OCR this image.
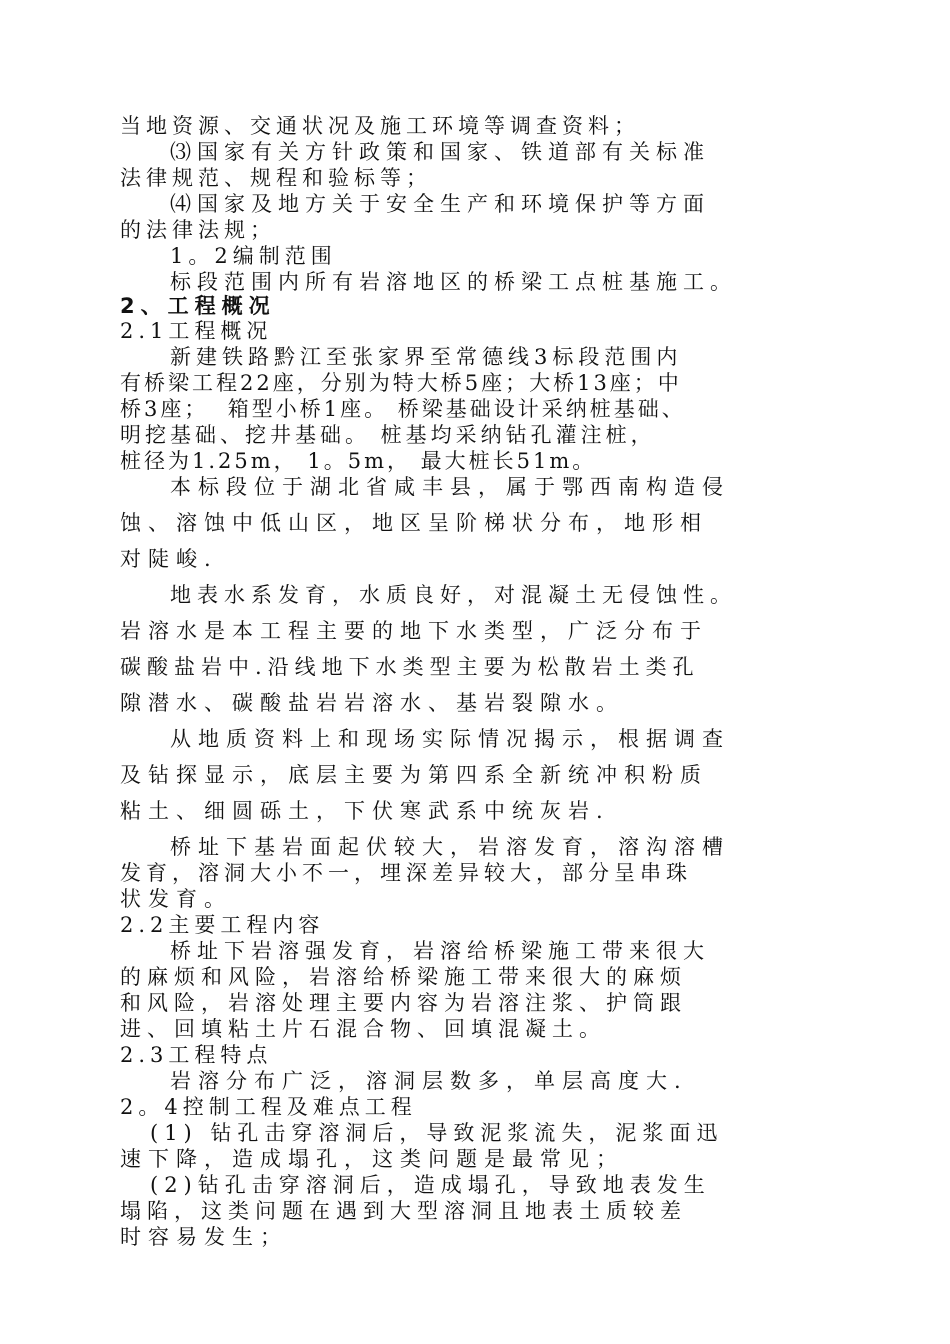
当地资源、交通状况及施工环境等调查资料；

⑶国家有关方针政策和国家、铁道部有关标准

法律规范、规程和验标等；

⑷国家及地方关于安全生产和环境保护等方面

的法律法规；

1。2编制范围

标段范围内所有岩溶地区的桥梁工点桩基施工。

2、工程概况

2.1工程概况

新建铁路黔江至张家界至常德线3标段范围内

有桥梁工程22座，分别为特大桥5座；大桥13座；中

桥3座；  箱型小桥1座。 桥梁基础设计采纳桩基础、

明挖基础、挖井基础。 桩基均采纳钻孔灌注桩，

桩径为1.25m， 1。5m， 最大桩长51m。

本标段位于湖北省咸丰县，属于鄂西南构造侵

蚀、溶蚀中低山区，地区呈阶梯状分布，地形相

对陡峻.

地表水系发育，水质良好，对混凝土无侵蚀性。

岩溶水是本工程主要的地下水类型，广泛分布于

碳酸盐岩中.沿线地下水类型主要为松散岩土类孔

隙潜水、碳酸盐岩岩溶水、基岩裂隙水。

从地质资料上和现场实际情况揭示，根据调查

及钻探显示，底层主要为第四系全新统冲积粉质

粘土、细圆砾土，下伏寒武系中统灰岩.

桥址下基岩面起伏较大，岩溶发育，溶沟溶槽

发育，溶洞大小不一，埋深差异较大，部分呈串珠

状发育。

2.2主要工程内容

桥址下岩溶强发育，岩溶给桥梁施工带来很大

的麻烦和风险，岩溶给桥梁施工带来很大的麻烦

和风险，岩溶处理主要内容为岩溶注浆、护筒跟

进、回填粘土片石混合物、回填混凝土。

2.3工程特点

岩溶分布广泛，溶洞层数多，单层高度大.

2。4控制工程及难点工程

(1) 钻孔击穿溶洞后，导致泥浆流失，泥浆面迅

速下降，造成塌孔，这类问题是最常见；

(2)钻孔击穿溶洞后，造成塌孔，导致地表发生

塌陷，这类问题在遇到大型溶洞且地表土质较差

时容易发生；
